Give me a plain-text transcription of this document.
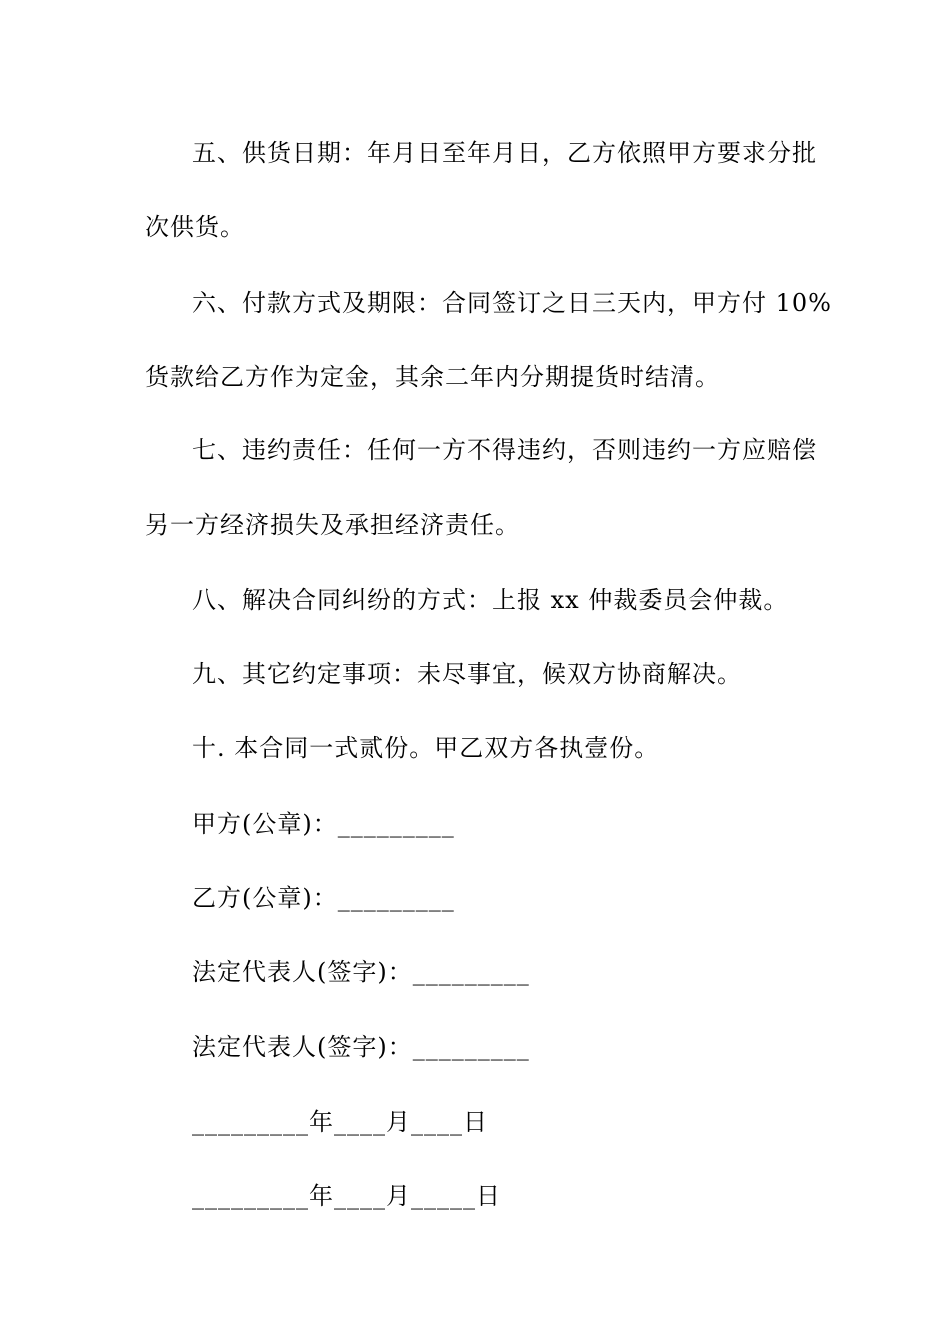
五、供货日期：年月日至年月日，乙方依照甲方要求分批
次供货。
六、付款方式及期限：合同签订之日三天内，甲方付 10%
货款给乙方作为定金，其余二年内分期提货时结清。
七、违约责任：任何一方不得违约，否则违约一方应赔偿
另一方经济损失及承担经济责任。
八、解决合同纠纷的方式：上报 xx 仲裁委员会仲裁。
九、其它约定事项：未尽事宜，候双方协商解决。
十. 本合同一式贰份。甲乙双方各执壹份。
甲方(公章)：_________
乙方(公章)：_________
法定代表人(签字)：_________
法定代表人(签字)：_________
_________年____月____日
_________年____月_____日
